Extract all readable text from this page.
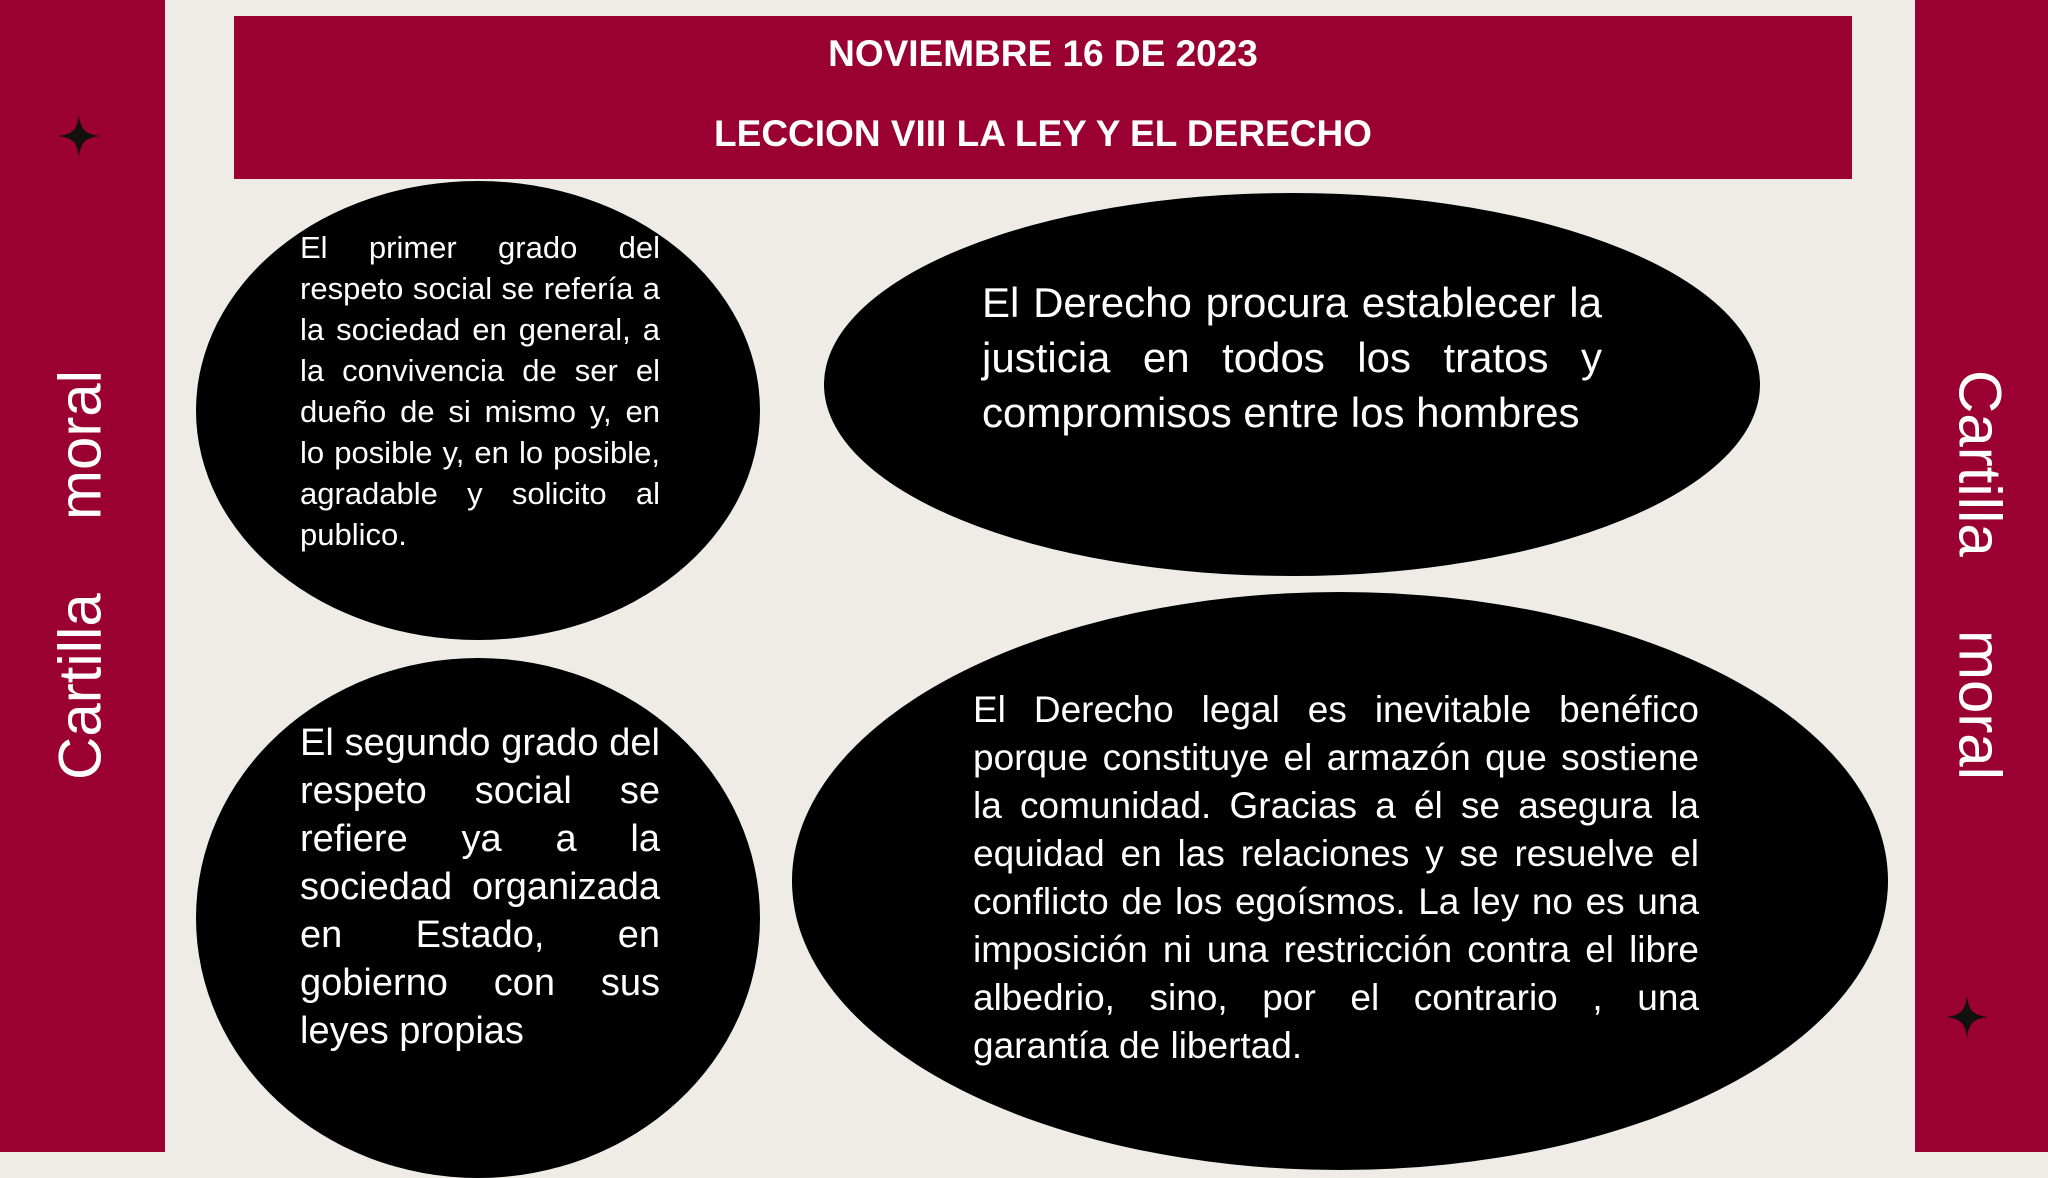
Cartilla
moral	Cartilla
moral
NOVIEMBRE 16 DE 2023
LECCION VIII LA LEY Y EL DERECHO
El primer grado del respeto social se refería a la sociedad en general, a la convivencia de ser el dueño de si mismo y, en lo posible y, en lo posible, agradable y solicito al publico.
El Derecho procura establecer la justicia en todos los tratos y compromisos entre los hombres
El segundo grado del respeto social se refiere ya a la sociedad organizada en Estado, en gobierno con sus leyes propias
El Derecho legal es inevitable benéfico porque constituye el armazón que sostiene la comunidad. Gracias a él se asegura la equidad en las relaciones y se resuelve el conflicto de los egoísmos. La ley no es una imposición ni una restricción contra el libre albedrio, sino, por el contrario , una garantía de libertad.
